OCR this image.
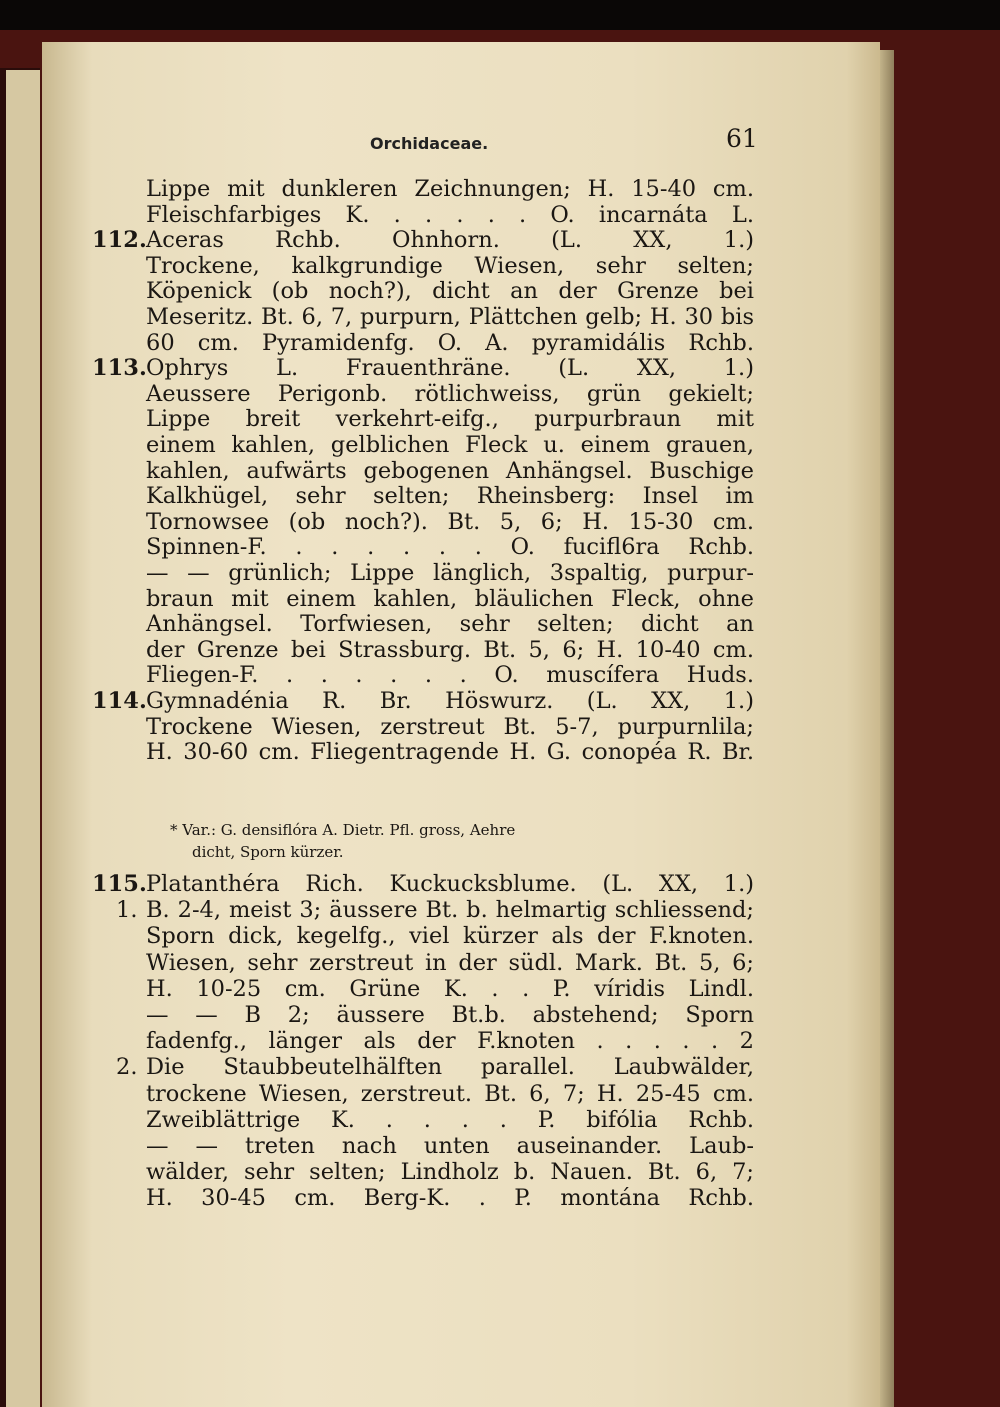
Orchidaceae.	61
Lippe mit dunkleren Zeichnungen; H. 15-40 cm.
Fleischfarbiges K. . . . . . O. incarnáta L.
112. Aceras Rchb. Ohnhorn. (L. XX, 1.)
Trockene, kalkgrundige Wiesen, sehr selten;
Köpenick (ob noch?), dicht an der Grenze bei
Meseritz. Bt. 6, 7, purpurn, Plättchen gelb; H. 30 bis
60 cm. Pyramidenfg. O. A. pyramidális Rchb.
113. Ophrys L. Frauenthräne. (L. XX, 1.)
Aeussere Perigonb. rötlichweiss, grün gekielt;
Lippe breit verkehrt-eifg., purpurbraun mit
einem kahlen, gelblichen Fleck u. einem grauen,
kahlen, aufwärts gebogenen Anhängsel. Buschige
Kalkhügel, sehr selten; Rheinsberg: Insel im
Tornowsee (ob noch?). Bt. 5, 6; H. 15-30 cm.
Spinnen-F. . . . . . . O. fucifl6ra Rchb.
— — grünlich; Lippe länglich, 3spaltig, purpur-
braun mit einem kahlen, bläulichen Fleck, ohne
Anhängsel. Torfwiesen, sehr selten; dicht an
der Grenze bei Strassburg. Bt. 5, 6; H. 10-40 cm.
Fliegen-F. . . . . . . O. muscífera Huds.
114. Gymnadénia R. Br. Höswurz. (L. XX, 1.)
Trockene Wiesen, zerstreut Bt. 5-7, purpurnlila;
H. 30-60 cm. Fliegentragende H. G. conopéa R. Br.
* Var.: G. densiflóra A. Dietr. Pfl. gross, Aehre
dicht, Sporn kürzer.
115. Platanthéra Rich. Kuckucksblume. (L. XX, 1.)
1. B. 2-4, meist 3; äussere Bt. b. helmartig schliessend;
Sporn dick, kegelfg., viel kürzer als der F.knoten.
Wiesen, sehr zerstreut in der südl. Mark. Bt. 5, 6;
H. 10-25 cm. Grüne K. . . P. víridis Lindl.
— — B 2; äussere Bt.b. abstehend; Sporn
fadenfg., länger als der F.knoten . . . . . 2
2. Die Staubbeutelhälften parallel. Laubwälder,
trockene Wiesen, zerstreut. Bt. 6, 7; H. 25-45 cm.
Zweiblättrige K. . . . . P. bifólia Rchb.
— — treten nach unten auseinander. Laub-
wälder, sehr selten; Lindholz b. Nauen. Bt. 6, 7;
H. 30-45 cm. Berg-K. . P. montána Rchb.
